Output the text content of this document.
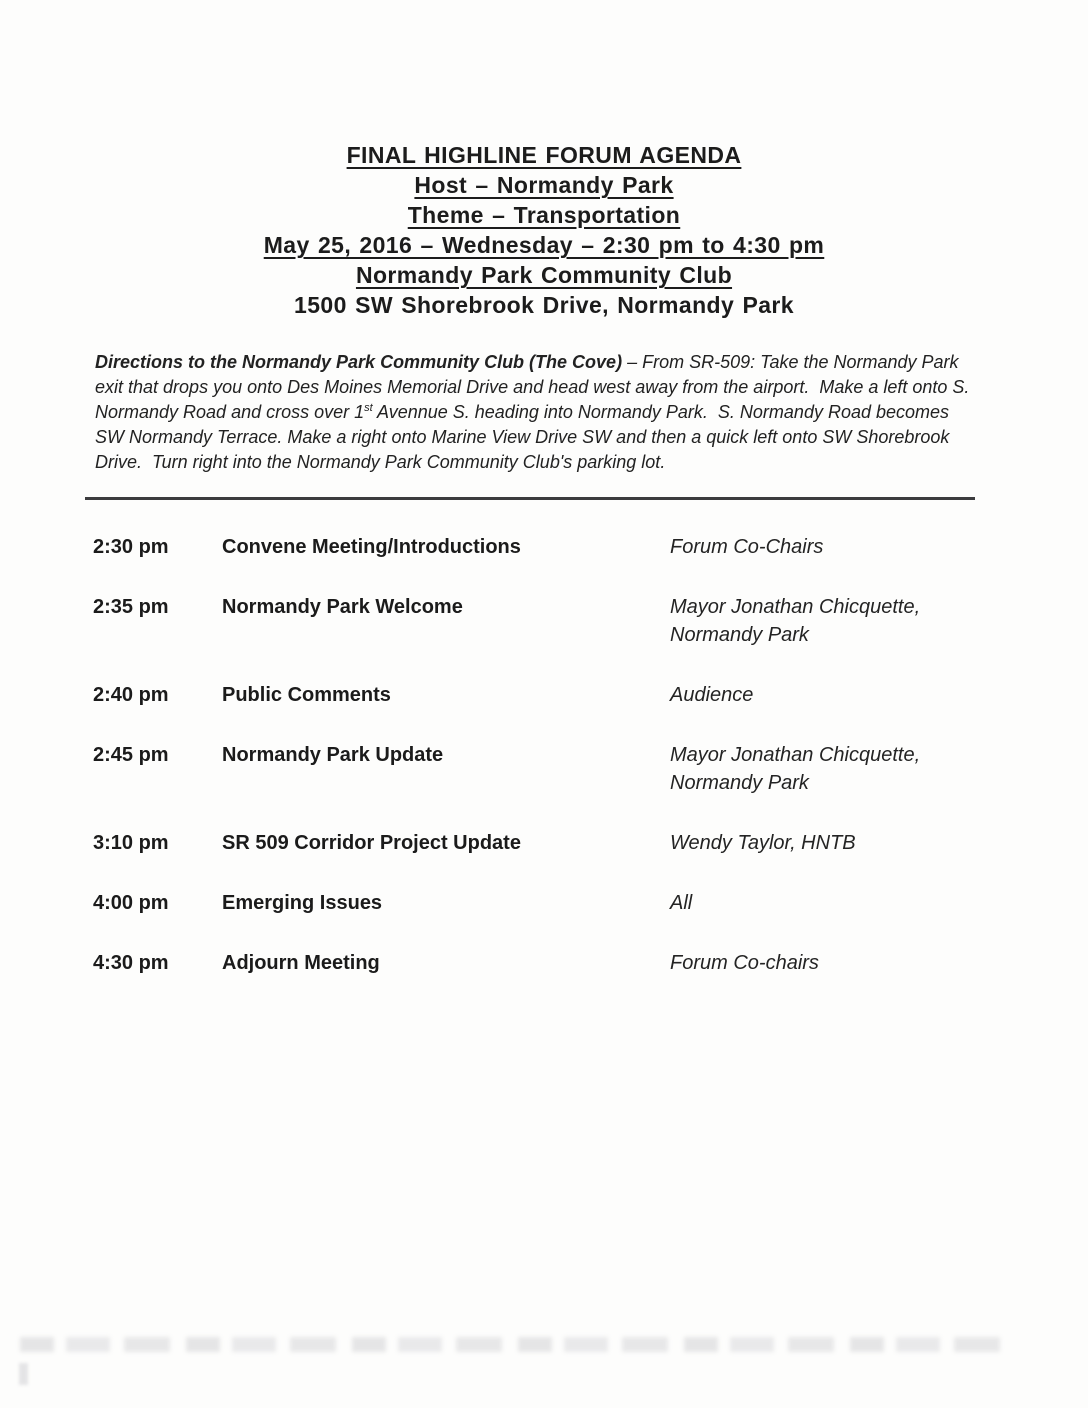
FINAL HIGHLINE FORUM AGENDA
Host – Normandy Park
Theme – Transportation
May 25, 2016 – Wednesday – 2:30 pm to 4:30 pm
Normandy Park Community Club
1500 SW Shorebrook Drive, Normandy Park

Directions to the Normandy Park Community Club (The Cove) – From SR-509: Take the Normandy Park exit that drops you onto Des Moines Memorial Drive and head west away from the airport.  Make a left onto S. Normandy Road and cross over 1st Avennue S. heading into Normandy Park.  S. Normandy Road becomes SW Normandy Terrace. Make a right onto Marine View Drive SW and then a quick left onto SW Shorebrook Drive.  Turn right into the Normandy Park Community Club's parking lot.

2:30 pm	Convene Meeting/Introductions	Forum Co-Chairs
2:35 pm	Normandy Park Welcome	Mayor Jonathan Chicquette,
Normandy Park
2:40 pm	Public Comments	Audience
2:45 pm	Normandy Park Update	Mayor Jonathan Chicquette,
Normandy Park
3:10 pm	SR 509 Corridor Project Update	Wendy Taylor, HNTB
4:00 pm	Emerging Issues	All
4:30 pm	Adjourn Meeting	Forum Co-chairs
